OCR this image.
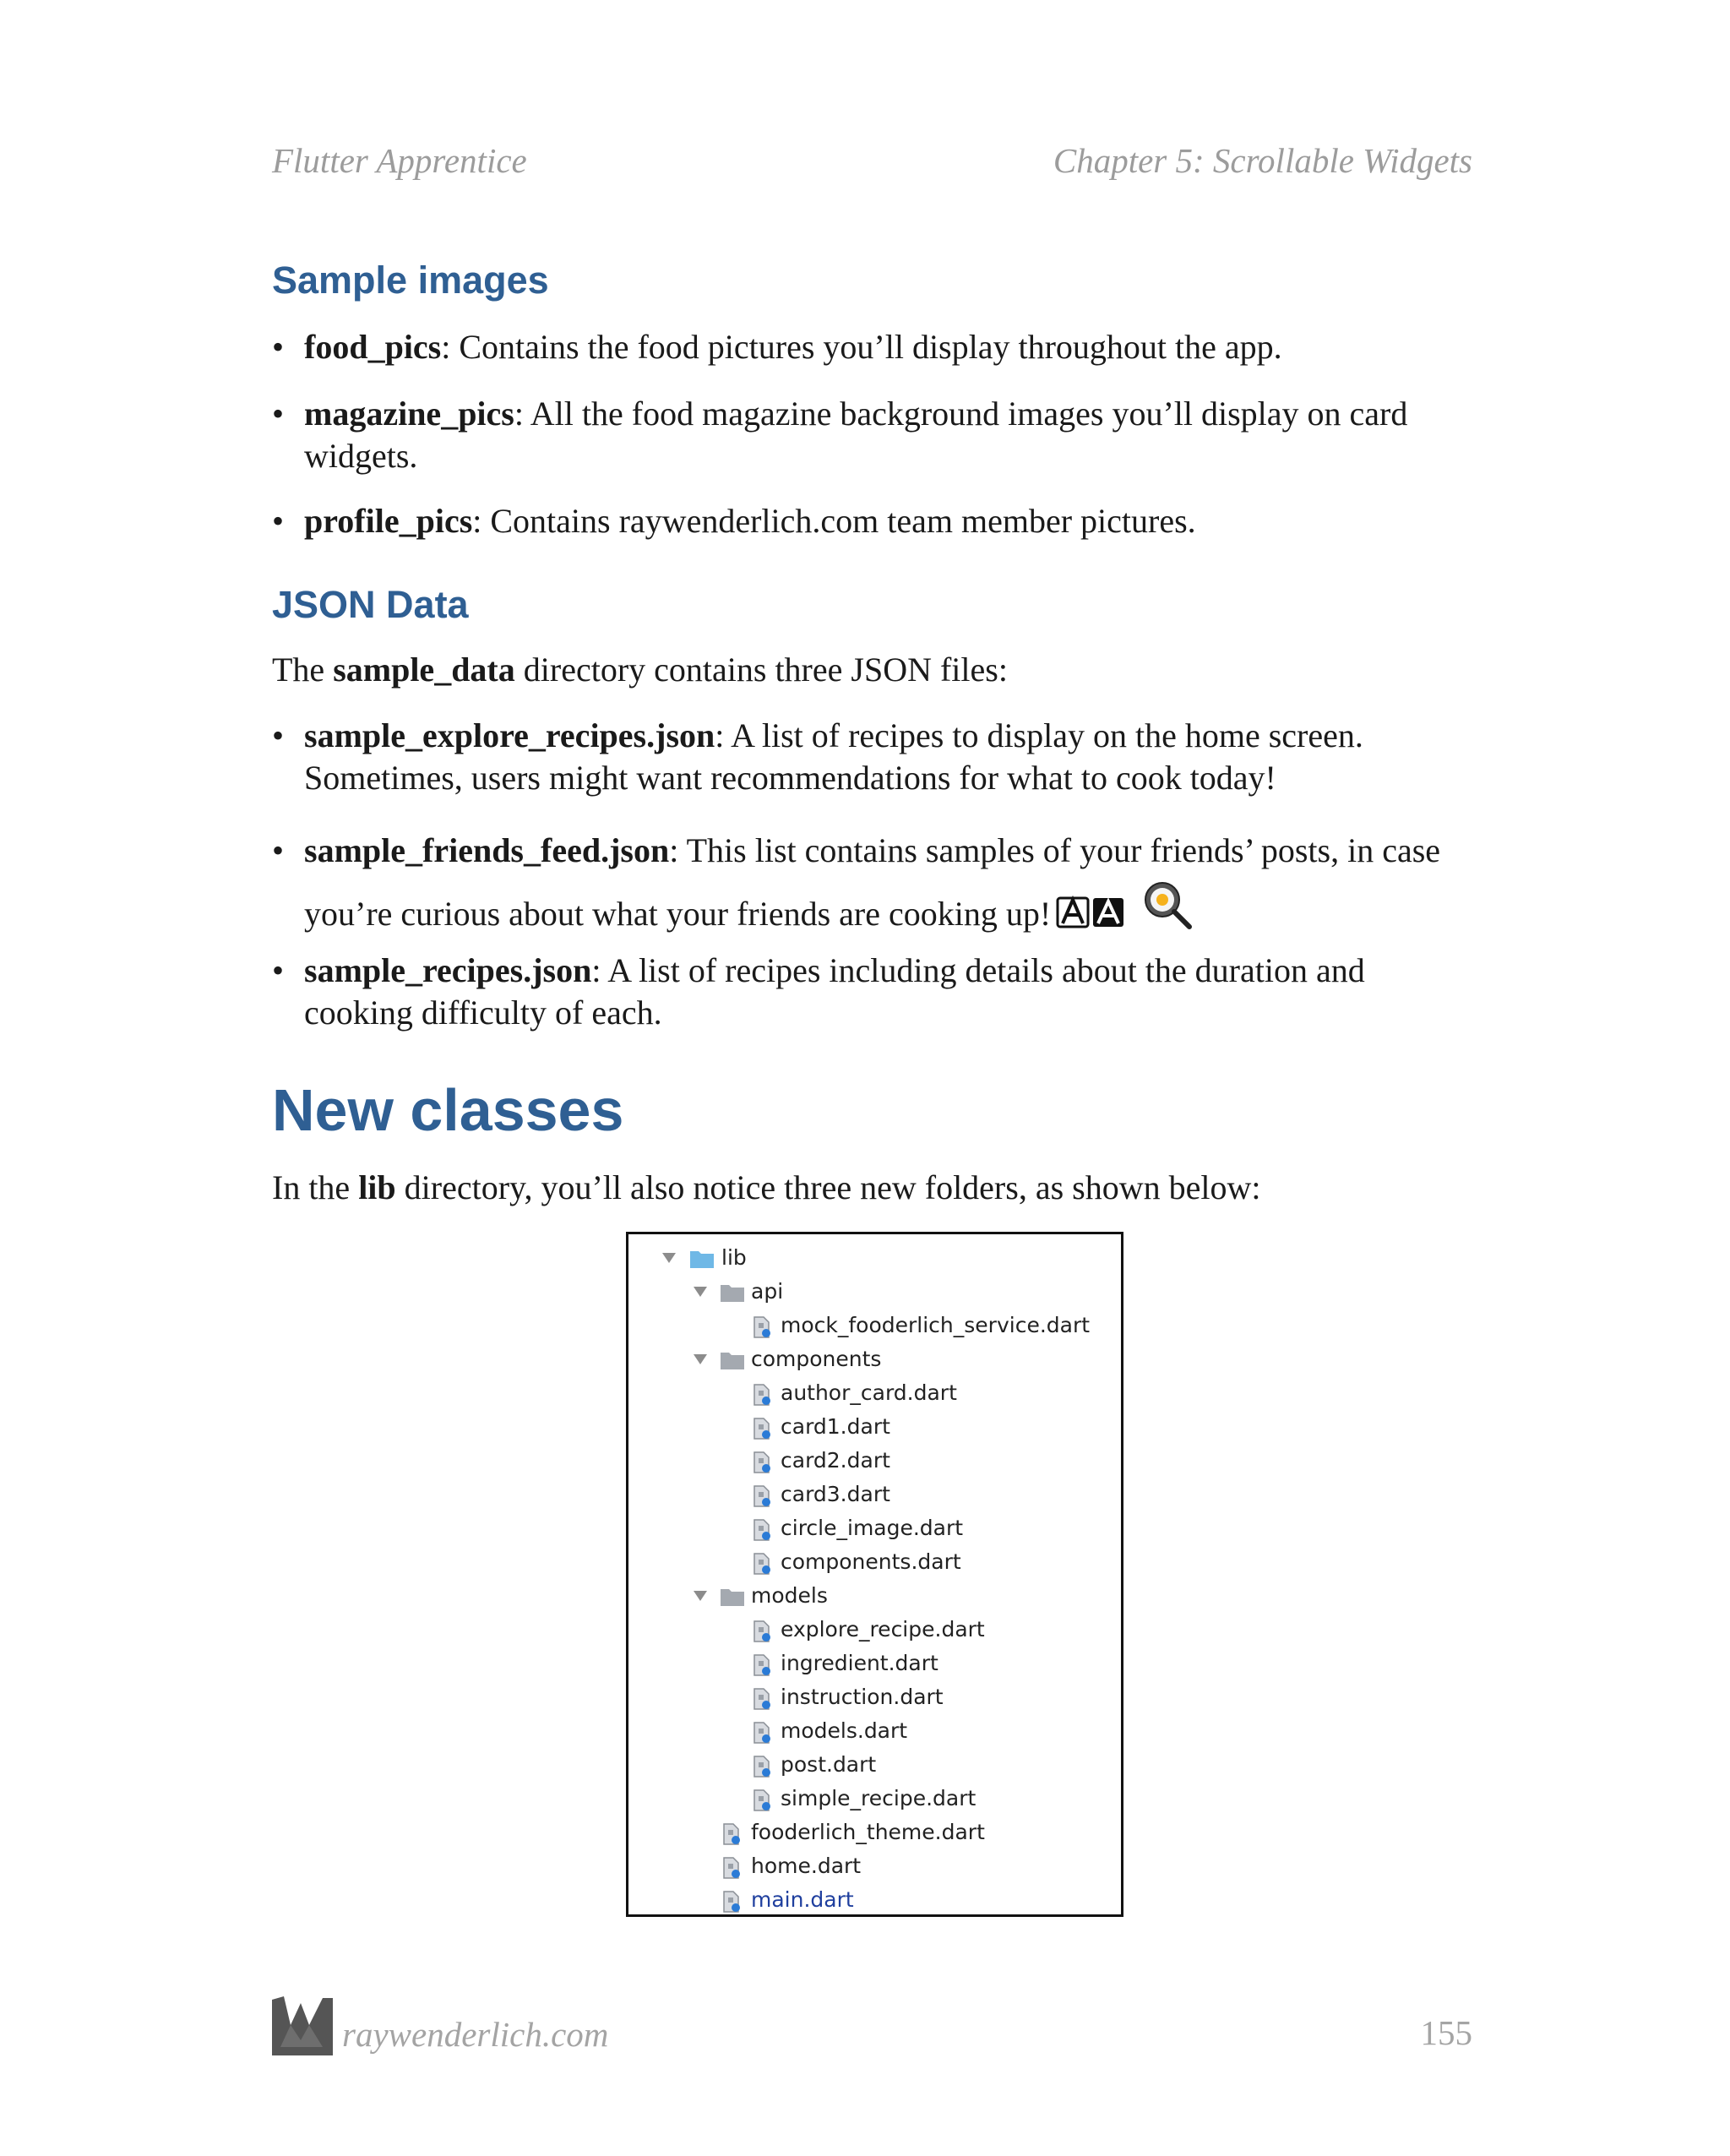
Flutter Apprentice	Chapter 5: Scrollable Widgets
Sample images
• food_pics: Contains the food pictures you’ll display throughout the app.
• magazine_pics: All the food magazine background images you’ll display on card widgets.
• profile_pics: Contains raywenderlich.com team member pictures.
JSON Data
The sample_data directory contains three JSON files:
• sample_explore_recipes.json: A list of recipes to display on the home screen. Sometimes, users might want recommendations for what to cook today!
• sample_friends_feed.json: This list contains samples of your friends’ posts, in case you’re curious about what your friends are cooking up!
• sample_recipes.json: A list of recipes including details about the duration and cooking difficulty of each.
New classes
In the lib directory, you’ll also notice three new folders, as shown below:
lib
api
mock_fooderlich_service.dart
components
author_card.dart
card1.dart
card2.dart
card3.dart
circle_image.dart
components.dart
models
explore_recipe.dart
ingredient.dart
instruction.dart
models.dart
post.dart
simple_recipe.dart
fooderlich_theme.dart
home.dart
main.dart
raywenderlich.com	155
